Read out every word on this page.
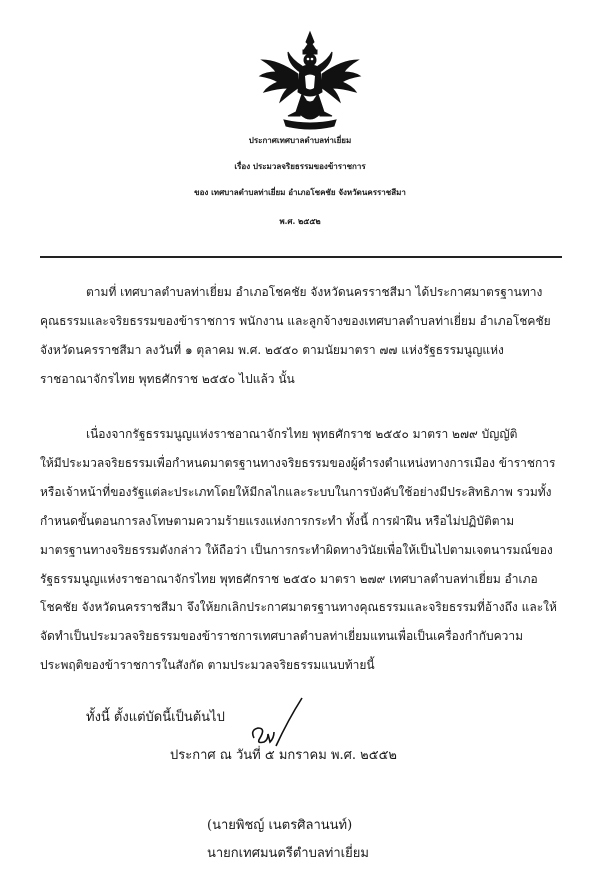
ประกาศเทศบาลตำบลท่าเยี่ยม
เรื่อง ประมวลจริยธรรมของข้าราชการ
ของ เทศบาลตำบลท่าเยี่ยม อำเภอโชคชัย จังหวัดนครราชสีมา
พ.ศ. ๒๕๕๒
ตามที่ เทศบาลตำบลท่าเยี่ยม อำเภอโชคชัย จังหวัดนครราชสีมา ได้ประกาศมาตรฐานทาง
คุณธรรมและจริยธรรมของข้าราชการ พนักงาน และลูกจ้างของเทศบาลตำบลท่าเยี่ยม อำเภอโชคชัย
จังหวัดนครราชสีมา ลงวันที่ ๑ ตุลาคม พ.ศ. ๒๕๕๐ ตามนัยมาตรา ๗๗ แห่งรัฐธรรมนูญแห่ง
ราชอาณาจักรไทย พุทธศักราช ๒๕๕๐ ไปแล้ว นั้น
เนื่องจากรัฐธรรมนูญแห่งราชอาณาจักรไทย พุทธศักราช ๒๕๕๐ มาตรา ๒๗๙ บัญญัติ
ให้มีประมวลจริยธรรมเพื่อกำหนดมาตรฐานทางจริยธรรมของผู้ดำรงตำแหน่งทางการเมือง ข้าราชการ
หรือเจ้าหน้าที่ของรัฐแต่ละประเภทโดยให้มีกลไกและระบบในการบังคับใช้อย่างมีประสิทธิภาพ รวมทั้ง
กำหนดขั้นตอนการลงโทษตามความร้ายแรงแห่งการกระทำ ทั้งนี้ การฝ่าฝืน หรือไม่ปฏิบัติตาม
มาตรฐานทางจริยธรรมดังกล่าว ให้ถือว่า เป็นการกระทำผิดทางวินัยเพื่อให้เป็นไปตามเจตนารมณ์ของ
รัฐธรรมนูญแห่งราชอาณาจักรไทย พุทธศักราช ๒๕๕๐ มาตรา ๒๗๙ เทศบาลตำบลท่าเยี่ยม อำเภอ
โชคชัย จังหวัดนครราชสีมา จึงให้ยกเลิกประกาศมาตรฐานทางคุณธรรมและจริยธรรมที่อ้างถึง และให้
จัดทำเป็นประมวลจริยธรรมของข้าราชการเทศบาลตำบลท่าเยี่ยมแทนเพื่อเป็นเครื่องกำกับความ
ประพฤติของข้าราชการในสังกัด ตามประมวลจริยธรรมแนบท้ายนี้
ทั้งนี้ ตั้งแต่บัดนี้เป็นต้นไป
ประกาศ ณ วันที่ ๕ มกราคม พ.ศ. ๒๕๕๒
(นายพิชญ์ เนตรศิลานนท์)
นายกเทศมนตรีตำบลท่าเยี่ยม
